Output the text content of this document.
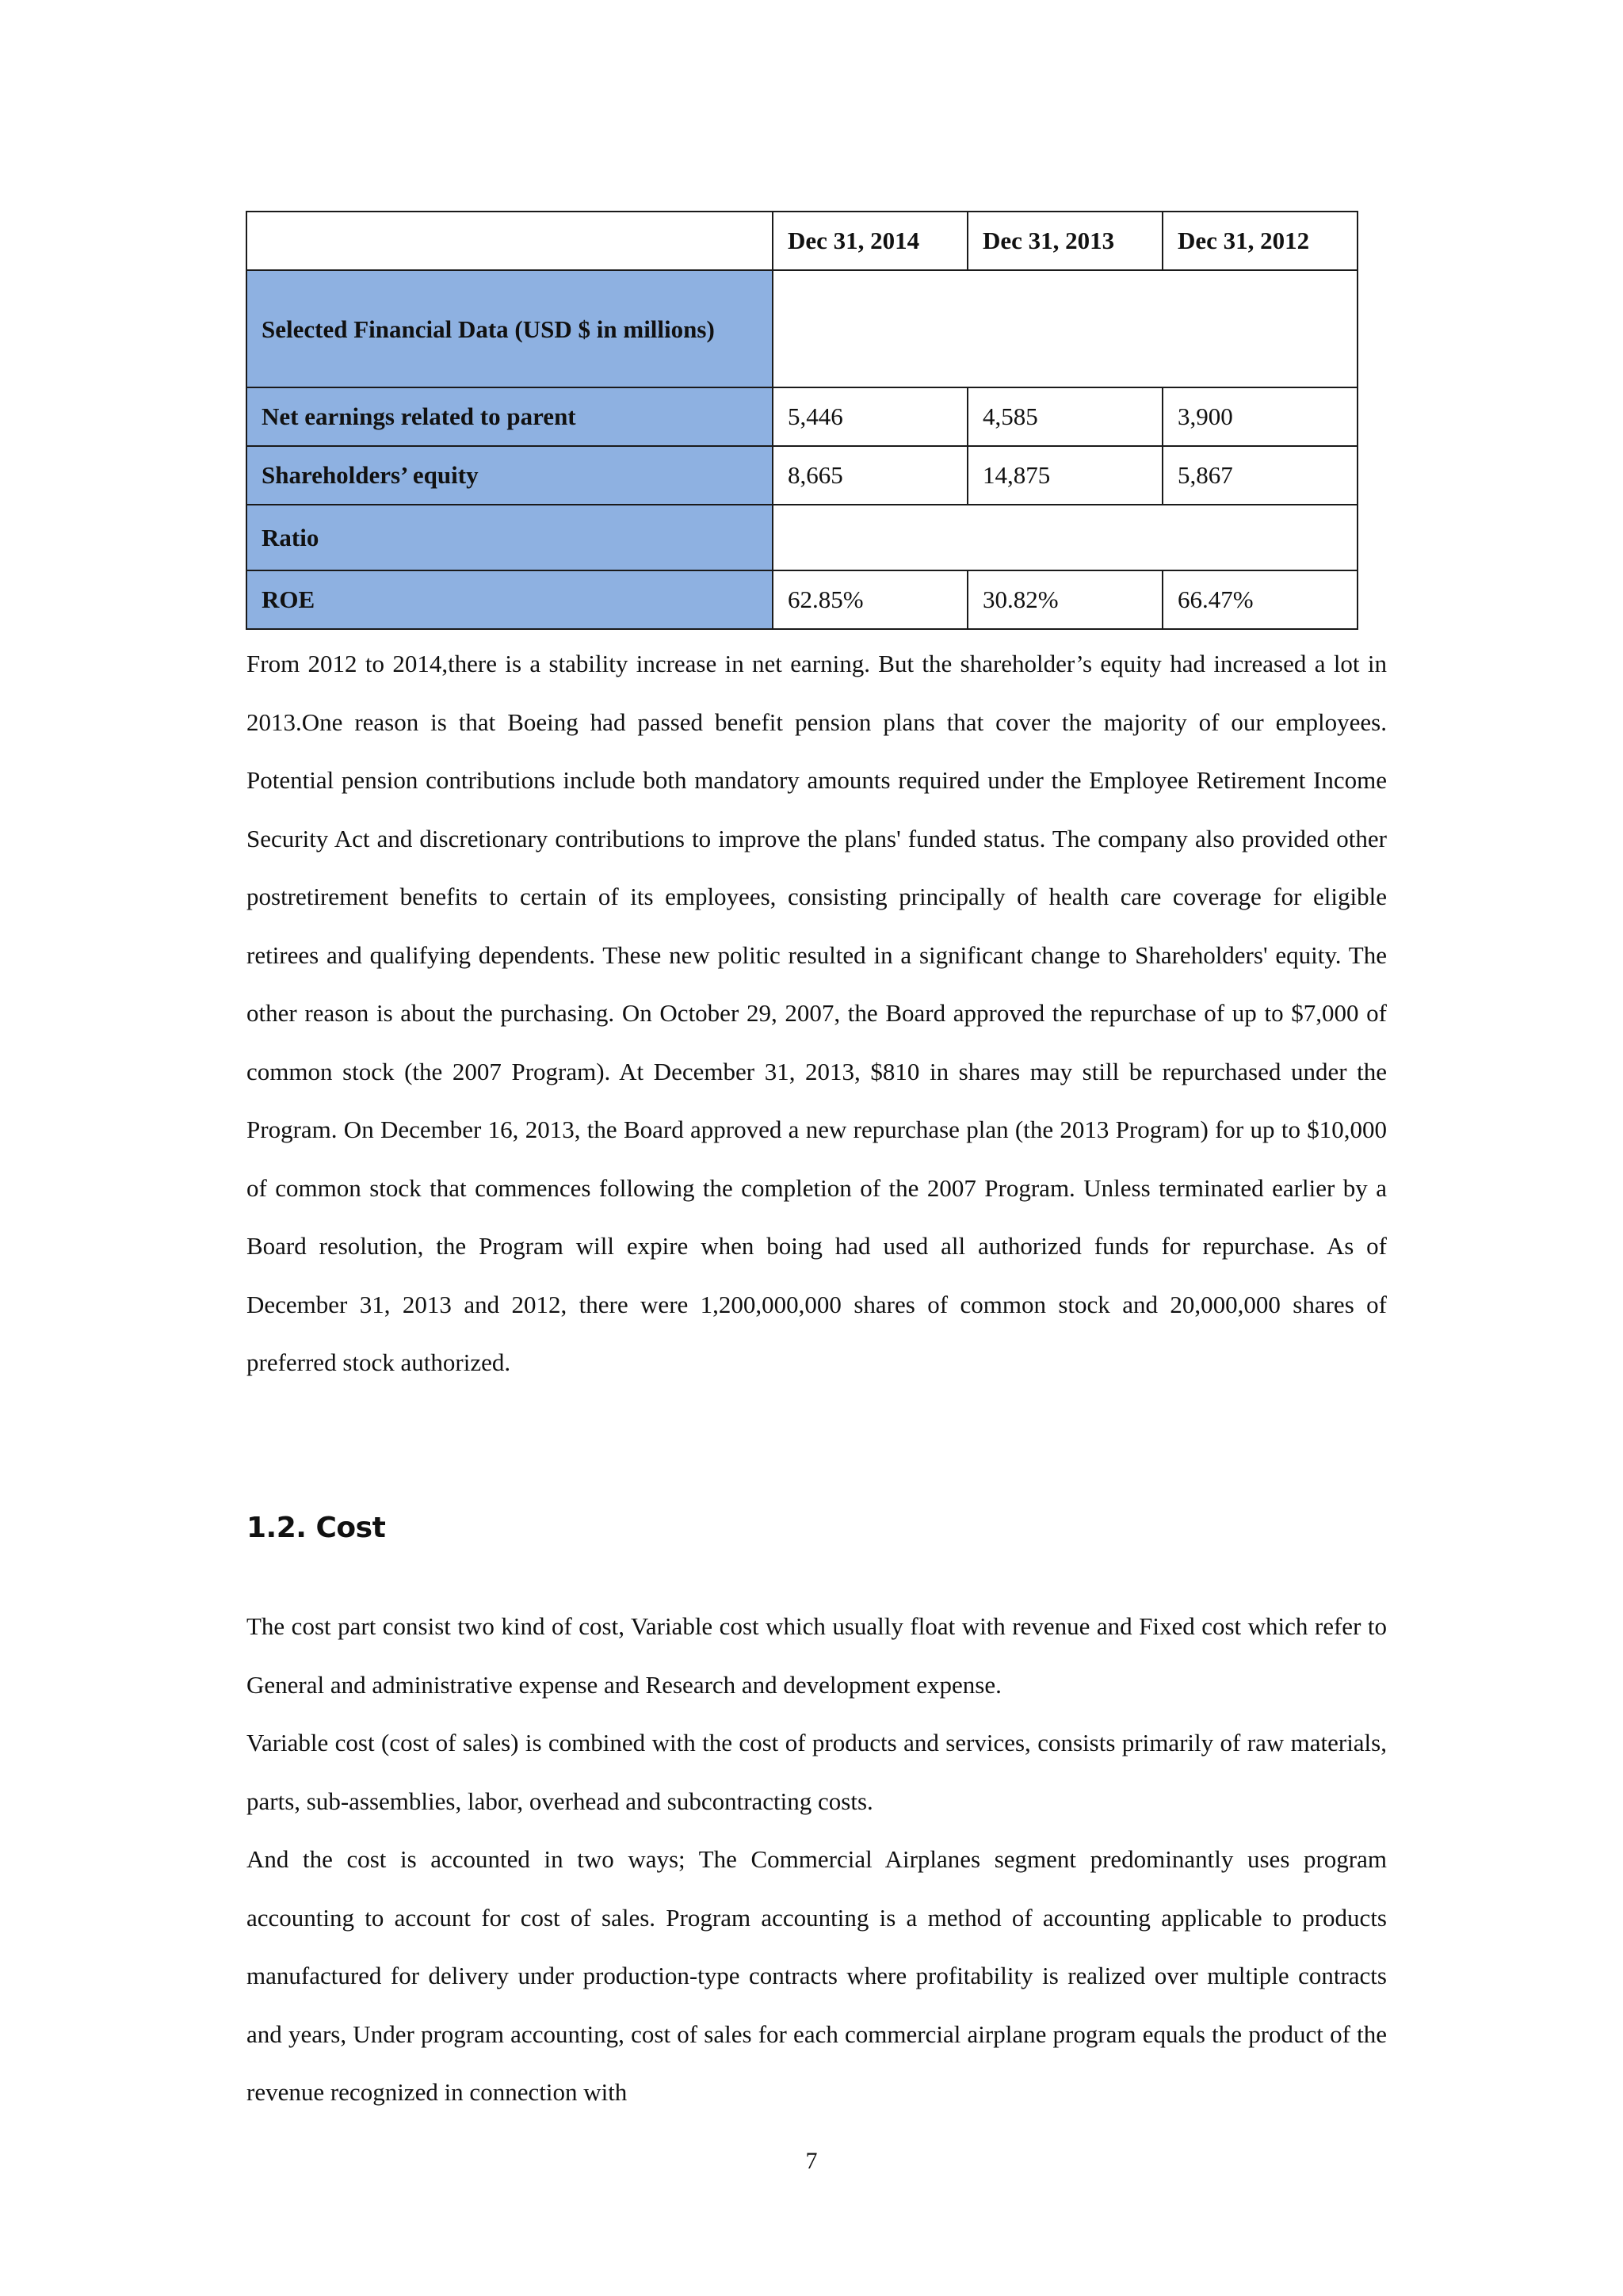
	Dec 31, 2014	Dec 31, 2013	Dec 31, 2012
Selected Financial Data (USD $ in millions)			
Net earnings related to parent	5,446	4,585	3,900
Shareholders’ equity	8,665	14,875	5,867
Ratio			
ROE	62.85%	30.82%	66.47%

From 2012 to 2014,there is a stability increase in net earning. But the shareholder’s equity had increased a lot in 2013.One reason is that Boeing had passed benefit pension plans that cover the majority of our employees. Potential pension contributions include both mandatory amounts required under the Employee Retirement Income Security Act and discretionary contributions to improve the plans' funded status. The company also provided other postretirement benefits to certain of its employees, consisting principally of health care coverage for eligible retirees and qualifying dependents. These new politic resulted in a significant change to Shareholders' equity. The other reason is about the purchasing. On October 29, 2007, the Board approved the repurchase of up to $7,000 of common stock (the 2007 Program). At December 31, 2013, $810 in shares may still be repurchased under the Program. On December 16, 2013, the Board approved a new repurchase plan (the 2013 Program) for up to $10,000 of common stock that commences following the completion of the 2007 Program. Unless terminated earlier by a Board resolution, the Program will expire when boing had used all authorized funds for repurchase. As of December 31, 2013 and 2012, there were 1,200,000,000 shares of common stock and 20,000,000 shares of preferred stock authorized.

1.2. Cost

The cost part consist two kind of cost, Variable cost which usually float with revenue and Fixed cost which refer to General and administrative expense and Research and development expense.

Variable cost (cost of sales) is combined with the cost of products and services, consists primarily of raw materials, parts, sub-assemblies, labor, overhead and subcontracting costs.

And the cost is accounted in two ways; The Commercial Airplanes segment predominantly uses program accounting to account for cost of sales. Program accounting is a method of accounting applicable to products manufactured for delivery under production-type contracts where profitability is realized over multiple contracts and years, Under program accounting, cost of sales for each commercial airplane program equals the product of the revenue recognized in connection with

7
